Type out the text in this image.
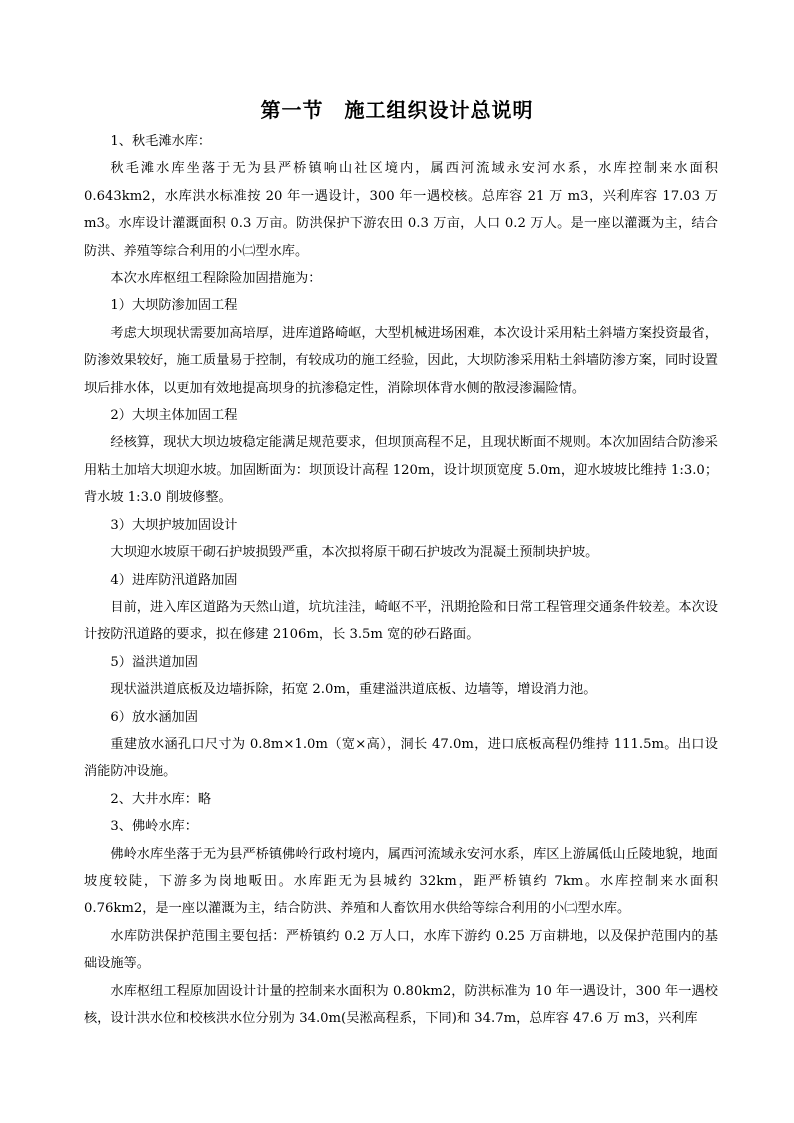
第一节　施工组织设计总说明

1、秋毛滩水库：

秋毛滩水库坐落于无为县严桥镇响山社区境内，属西河流域永安河水系，水库控制来水面积 0.643km2，水库洪水标准按 20 年一遇设计，300 年一遇校核。总库容 21 万 m3，兴利库容 17.03 万 m3。水库设计灌溉面积 0.3 万亩。防洪保护下游农田 0.3 万亩，人口 0.2 万人。是一座以灌溉为主，结合防洪、养殖等综合利用的小㈡型水库。

本次水库枢纽工程除险加固措施为：

1）大坝防渗加固工程

考虑大坝现状需要加高培厚，进库道路崎岖，大型机械进场困难，本次设计采用粘土斜墙方案投资最省，防渗效果较好，施工质量易于控制，有较成功的施工经验，因此，大坝防渗采用粘土斜墙防渗方案，同时设置坝后排水体，以更加有效地提高坝身的抗渗稳定性，消除坝体背水侧的散浸渗漏险情。

2）大坝主体加固工程

经核算，现状大坝边坡稳定能满足规范要求，但坝顶高程不足，且现状断面不规则。本次加固结合防渗采用粘土加培大坝迎水坡。加固断面为：坝顶设计高程 120m，设计坝顶宽度 5.0m，迎水坡坡比维持 1:3.0；背水坡 1:3.0 削坡修整。

3）大坝护坡加固设计

大坝迎水坡原干砌石护坡损毁严重，本次拟将原干砌石护坡改为混凝土预制块护坡。

4）进库防汛道路加固

目前，进入库区道路为天然山道，坑坑洼洼，崎岖不平，汛期抢险和日常工程管理交通条件较差。本次设计按防汛道路的要求，拟在修建 2106m，长 3.5m 宽的砂石路面。

5）溢洪道加固

现状溢洪道底板及边墙拆除，拓宽 2.0m，重建溢洪道底板、边墙等，增设消力池。

6）放水涵加固

重建放水涵孔口尺寸为 0.8m×1.0m（宽×高），洞长 47.0m，进口底板高程仍维持 111.5m。出口设消能防冲设施。

2、大井水库：略

3、佛岭水库：

佛岭水库坐落于无为县严桥镇佛岭行政村境内，属西河流域永安河水系，库区上游属低山丘陵地貌，地面坡度较陡，下游多为岗地畈田。水库距无为县城约 32km，距严桥镇约 7km。水库控制来水面积 0.76km2，是一座以灌溉为主，结合防洪、养殖和人畜饮用水供给等综合利用的小㈡型水库。

水库防洪保护范围主要包括：严桥镇约 0.2 万人口，水库下游约 0.25 万亩耕地，以及保护范围内的基础设施等。

水库枢纽工程原加固设计计量的控制来水面积为 0.80km2，防洪标准为 10 年一遇设计，300 年一遇校核，设计洪水位和校核洪水位分别为 34.0m(吴淞高程系，下同)和 34.7m，总库容 47.6 万 m3，兴利库
